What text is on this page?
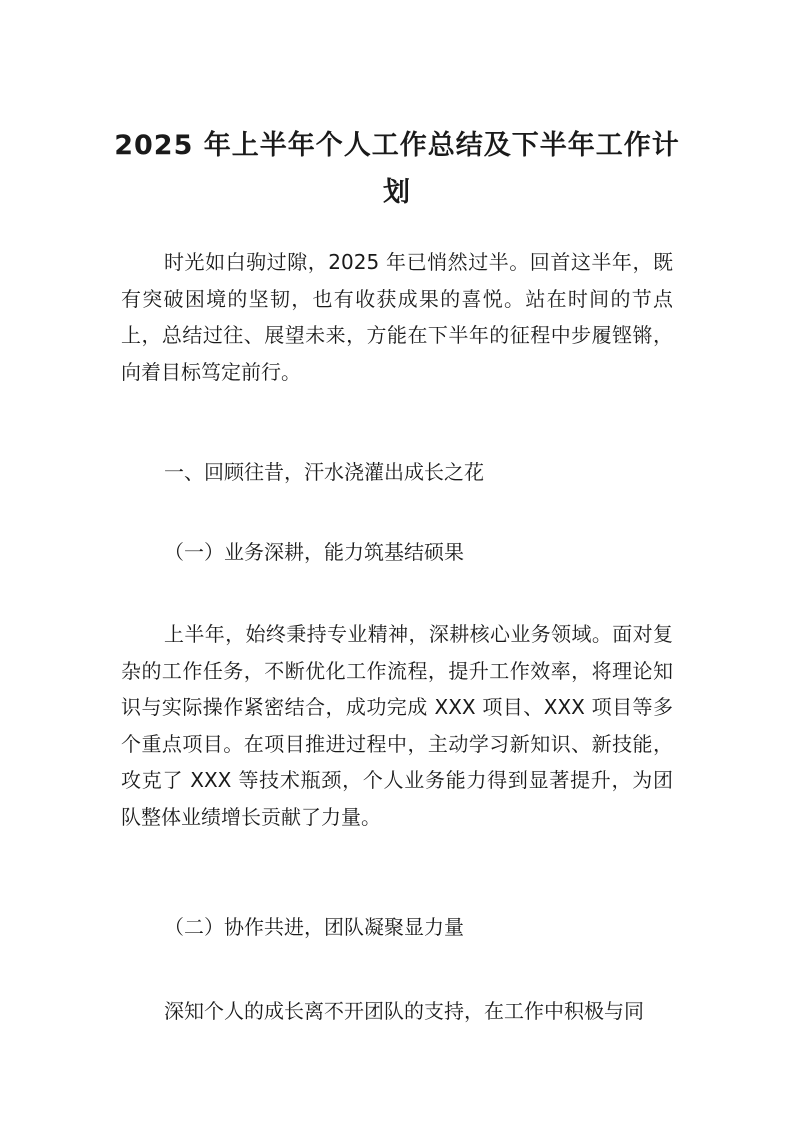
2025 年上半年个人工作总结及下半年工作计划

时光如白驹过隙，2025 年已悄然过半。回首这半年，既有突破困境的坚韧，也有收获成果的喜悦。站在时间的节点上，总结过往、展望未来，方能在下半年的征程中步履铿锵，向着目标笃定前行。

一、回顾往昔，汗水浇灌出成长之花

（一）业务深耕，能力筑基结硕果

上半年，始终秉持专业精神，深耕核心业务领域。面对复杂的工作任务，不断优化工作流程，提升工作效率，将理论知识与实际操作紧密结合，成功完成 XXX 项目、XXX 项目等多个重点项目。在项目推进过程中，主动学习新知识、新技能，攻克了 XXX 等技术瓶颈，个人业务能力得到显著提升，为团队整体业绩增长贡献了力量。

（二）协作共进，团队凝聚显力量

深知个人的成长离不开团队的支持，在工作中积极与同
